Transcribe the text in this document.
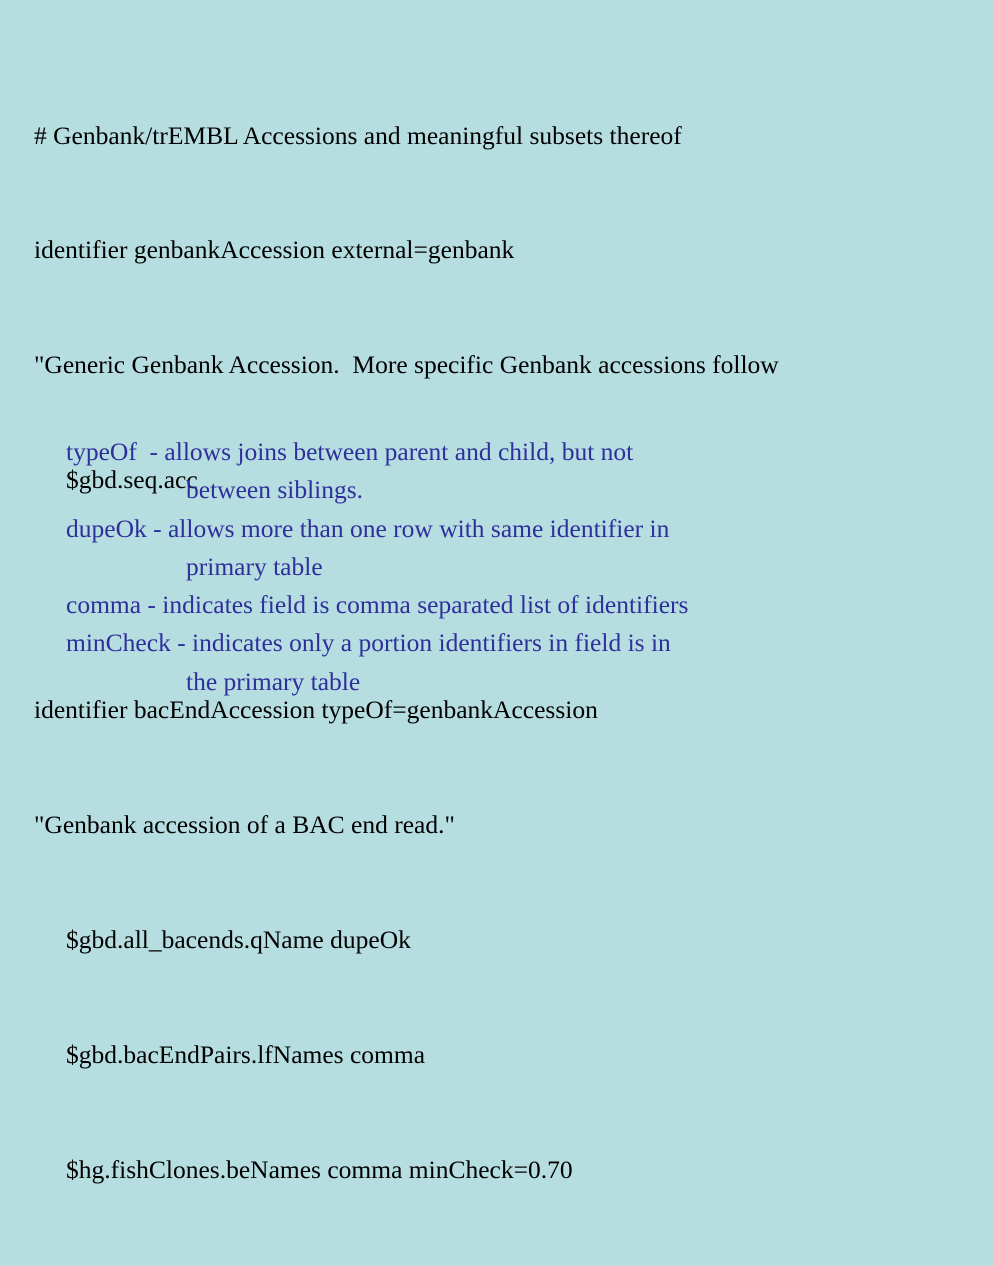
# Genbank/trEMBL Accessions and meaningful subsets thereof

identifier genbankAccession external=genbank

"Generic Genbank Accession.  More specific Genbank accessions follow

$gbd.seq.acc

identifier bacEndAccession typeOf=genbankAccession

"Genbank accession of a BAC end read."

$gbd.all_bacends.qName dupeOk

$gbd.bacEndPairs.lfNames comma

$hg.fishClones.beNames comma minCheck=0.70

typeOf  - allows joins between parent and child, but not
between siblings.
dupeOk - allows more than one row with same identifier in
primary table
comma - indicates field is comma separated list of identifiers
minCheck - indicates only a portion identifiers in field is in
the primary table
